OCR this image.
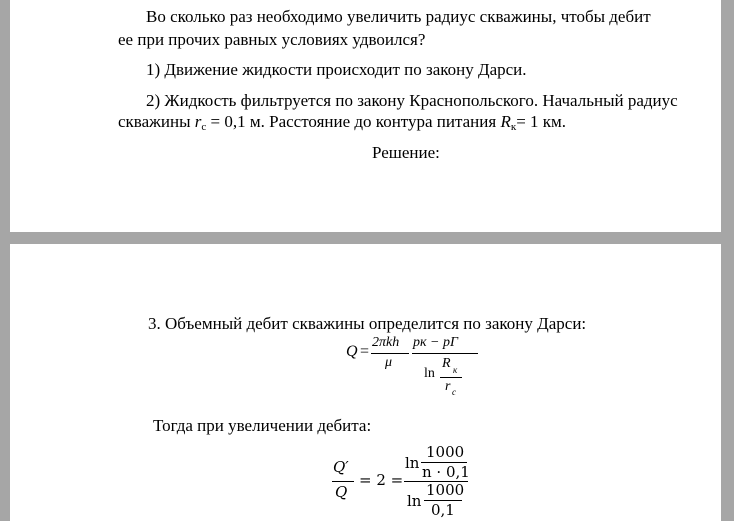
Во сколько раз необходимо увеличить радиус скважины, чтобы дебит
ее при прочих равных условиях удвоился?
1) Движение жидкости происходит по закону Дарси.
2) Жидкость фильтруется по закону Краснопольского. Начальный радиус
скважины $r_c = 0,1$ м. Расстояние до контура питания $R_к= 1$ км.
Решение:
3. Объемный дебит скважины определится по закону Дарси:
Q =
2πkh
μ
pк − pГ
ln
R к
r c
Тогда при увеличении дебита:
Q′
Q
= 2 =
ln
1000
n · 0,1
ln
1000
0,1
